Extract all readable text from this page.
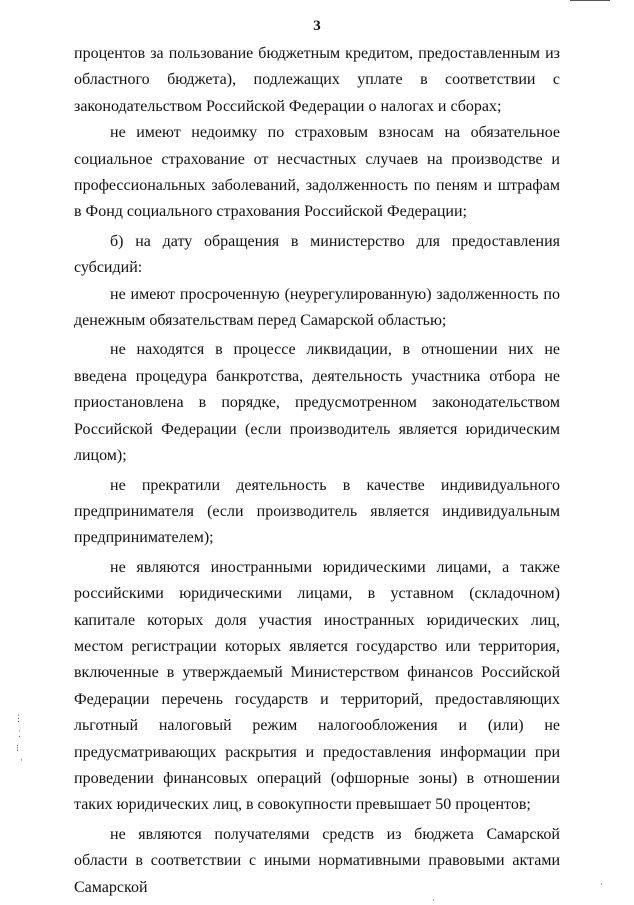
3

процентов за пользование бюджетным кредитом, предоставленным из областного бюджета), подлежащих уплате в соответствии с законодательством Российской Федерации о налогах и сборах;

не имеют недоимку по страховым взносам на обязательное социальное страхование от несчастных случаев на производстве и профессиональных заболеваний, задолженность по пеням и штрафам в Фонд социального страхования Российской Федерации;

б) на дату обращения в министерство для предоставления субсидий:

не имеют просроченную (неурегулированную) задолженность по денежным обязательствам перед Самарской областью;

не находятся в процессе ликвидации, в отношении них не введена процедура банкротства, деятельность участника отбора не приостановлена в порядке, предусмотренном законодательством Российской Федерации (если производитель является юридическим лицом);

не прекратили деятельность в качестве индивидуального предпринимателя (если производитель является индивидуальным предпринимателем);

не являются иностранными юридическими лицами, а также российскими юридическими лицами, в уставном (складочном) капитале которых доля участия иностранных юридических лиц, местом регистрации которых является государство или территория, включенные в утверждаемый Министерством финансов Российской Федерации перечень государств и территорий, предоставляющих льготный налоговый режим налогообложения и (или) не предусматривающих раскрытия и предоставления информации при проведении финансовых операций (офшорные зоны) в отношении таких юридических лиц, в совокупности превышает 50 процентов;

не являются получателями средств из бюджета Самарской области в соответствии с иными нормативными правовыми актами Самарской

⋮
⁚
⁝
·
·
·
